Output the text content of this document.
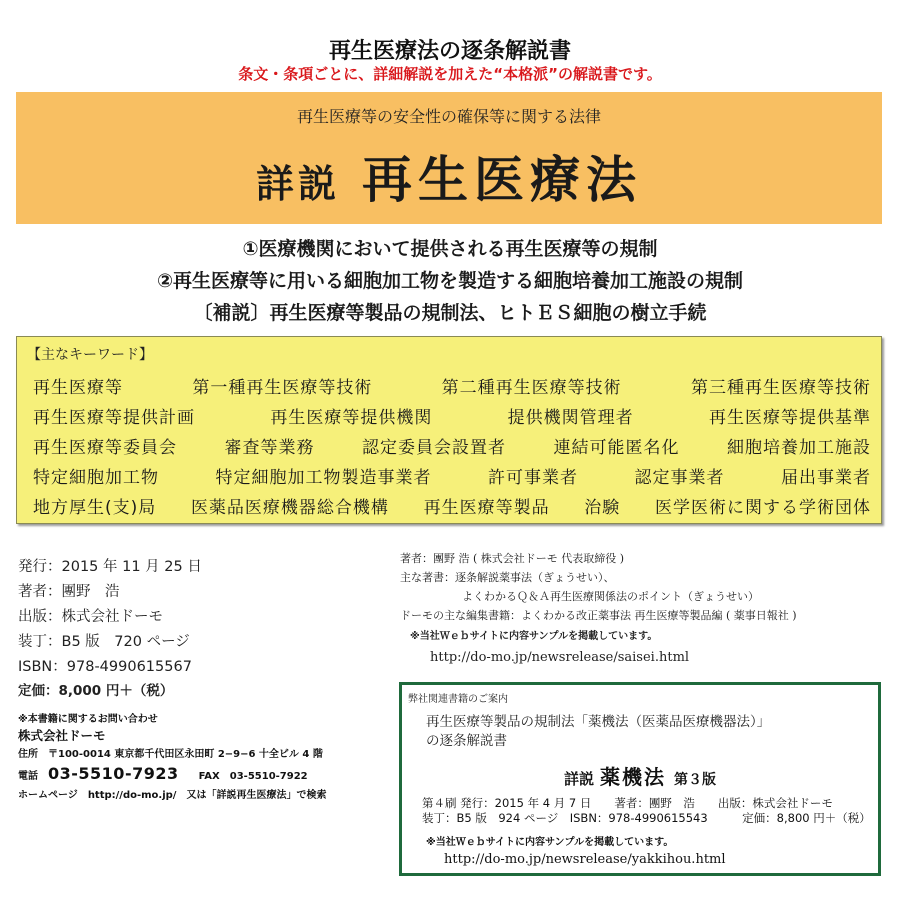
再生医療法の逐条解説書
条文・条項ごとに、詳細解説を加えた“本格派”の解説書です。
再生医療等の安全性の確保等に関する法律
詳説 再生医療法
①医療機関において提供される再生医療等の規制
②再生医療等に用いる細胞加工物を製造する細胞培養加工施設の規制
〔補説〕再生医療等製品の規制法、ヒトＥＳ細胞の樹立手続
【主なキーワード】
再生医療等	第一種再生医療等技術	第二種再生医療等技術	第三種再生医療等技術
再生医療等提供計画	再生医療等提供機関	提供機関管理者	再生医療等提供基準
再生医療等委員会	審査等業務	認定委員会設置者	連結可能匿名化	細胞培養加工施設
特定細胞加工物	特定細胞加工物製造事業者	許可事業者	認定事業者	届出事業者
地方厚生(支)局 医薬品医療機器総合機構 再生医療等製品 治験 医学医術に関する学術団体
発行：2015 年 11 月 25 日
著者：團野　浩
出版：株式会社ドーモ
装丁：B5 版　720 ページ
ISBN：978-4990615567
定価：8,000 円＋（税）
※本書籍に関するお問い合わせ
株式会社ドーモ
住所　 〒100-0014 東京都千代田区永田町 2−9−6 十全ビル 4 階
電話　 03-5510-7923　　 FAX　 03-5510-7922
ホームページ　 http://do-mo.jp/　 又は「詳説再生医療法」で検索
著者：團野 浩 ( 株式会社ドーモ 代表取締役 )
主な著書：逐条解説薬事法（ぎょうせい）、
よくわかるＱ＆Ａ再生医療関係法のポイント（ぎょうせい）
ドーモの主な編集書籍：よくわかる改正薬事法 再生医療等製品編 ( 薬事日報社 )
※当社Ｗｅｂサイトに内容サンプルを掲載しています。
http://do-mo.jp/newsrelease/saisei.html
弊社関連書籍のご案内
再生医療等製品の規制法「薬機法（医薬品医療機器法）」
の逐条解説書
詳説 薬機法 第３版
第４刷 発行：2015 年 4 月 7 日　　著者：團野　浩　　出版：株式会社ドーモ
装丁：B5 版　924 ページ　ISBN：978-4990615543　　　定価：8,800 円＋（税）
※当社Ｗｅｂサイトに内容サンプルを掲載しています。
http://do-mo.jp/newsrelease/yakkihou.html
